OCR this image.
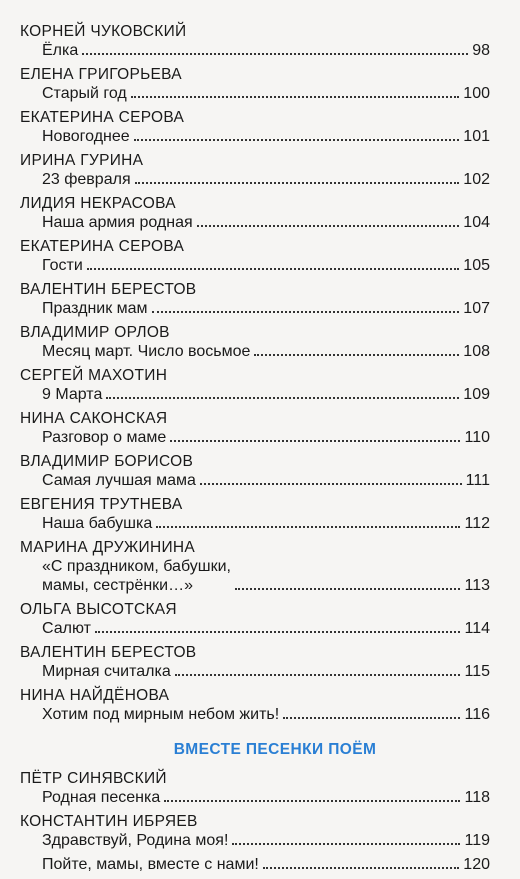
КОРНЕЙ ЧУКОВСКИЙ
Ёлка	98
ЕЛЕНА ГРИГОРЬЕВА
Старый год	100
ЕКАТЕРИНА СЕРОВА
Новогоднее	101
ИРИНА ГУРИНА
23 февраля	102
ЛИДИЯ НЕКРАСОВА
Наша армия родная	104
ЕКАТЕРИНА СЕРОВА
Гости	105
ВАЛЕНТИН БЕРЕСТОВ
Праздник мам	107
ВЛАДИМИР ОРЛОВ
Месяц март. Число восьмое	108
СЕРГЕЙ МАХОТИН
9 Марта	109
НИНА САКОНСКАЯ
Разговор о маме	110
ВЛАДИМИР БОРИСОВ
Самая лучшая мама	111
ЕВГЕНИЯ ТРУТНЕВА
Наша бабушка	112
МАРИНА ДРУЖИНИНА
«С праздником, бабушки,
мамы, сестрёнки…»	113
ОЛЬГА ВЫСОТСКАЯ
Салют	114
ВАЛЕНТИН БЕРЕСТОВ
Мирная считалка	115
НИНА НАЙДЁНОВА
Хотим под мирным небом жить!	116
ВМЕСТЕ ПЕСЕНКИ ПОЁМ
ПЁТР СИНЯВСКИЙ
Родная песенка	118
КОНСТАНТИН ИБРЯЕВ
Здравствуй, Родина моя!	119
Пойте, мамы, вместе с нами!	120
